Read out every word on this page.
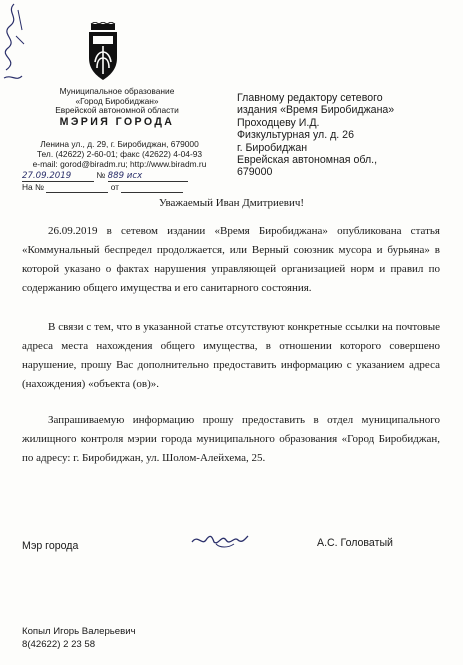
Муниципальное образование
«Город Биробиджан»
Еврейской автономной области
МЭРИЯ ГОРОДА
Ленина ул., д. 29, г. Биробиджан, 679000
Тел. (42622) 2-60-01; факс (42622) 4-04-93
e-mail: gorod@biradm.ru; http://www.biradm.ru
27.09.2019	№ 889 исх
На №	от
Главному редактору сетевого
издания «Время Биробиджана»
Проходцеву И.Д.
Физкультурная ул. д. 26
г. Биробиджан
Еврейская автономная обл.,
679000
Уважаемый Иван Дмитриевич!
26.09.2019 в сетевом издании «Время Биробиджана» опубликована статья «Коммунальный беспредел продолжается, или Верный союзник мусора и бурьяна» в которой указано о фактах нарушения управляющей организацией норм и правил по содержанию общего имущества и его санитарного состояния.
В связи с тем, что в указанной статье отсутствуют конкретные ссылки на почтовые адреса места нахождения общего имущества, в отношении которого совершено нарушение, прошу Вас дополнительно предоставить информацию с указанием адреса (нахождения) «объекта (ов)».
Запрашиваемую информацию прошу предоставить в отдел муниципального жилищного контроля мэрии города муниципального образования «Город Биробиджан, по адресу: г. Биробиджан, ул. Шолом-Алейхема, 25.
Мэр города	А.С. Головатый
Копыл Игорь Валерьевич
8(42622) 2 23 58
